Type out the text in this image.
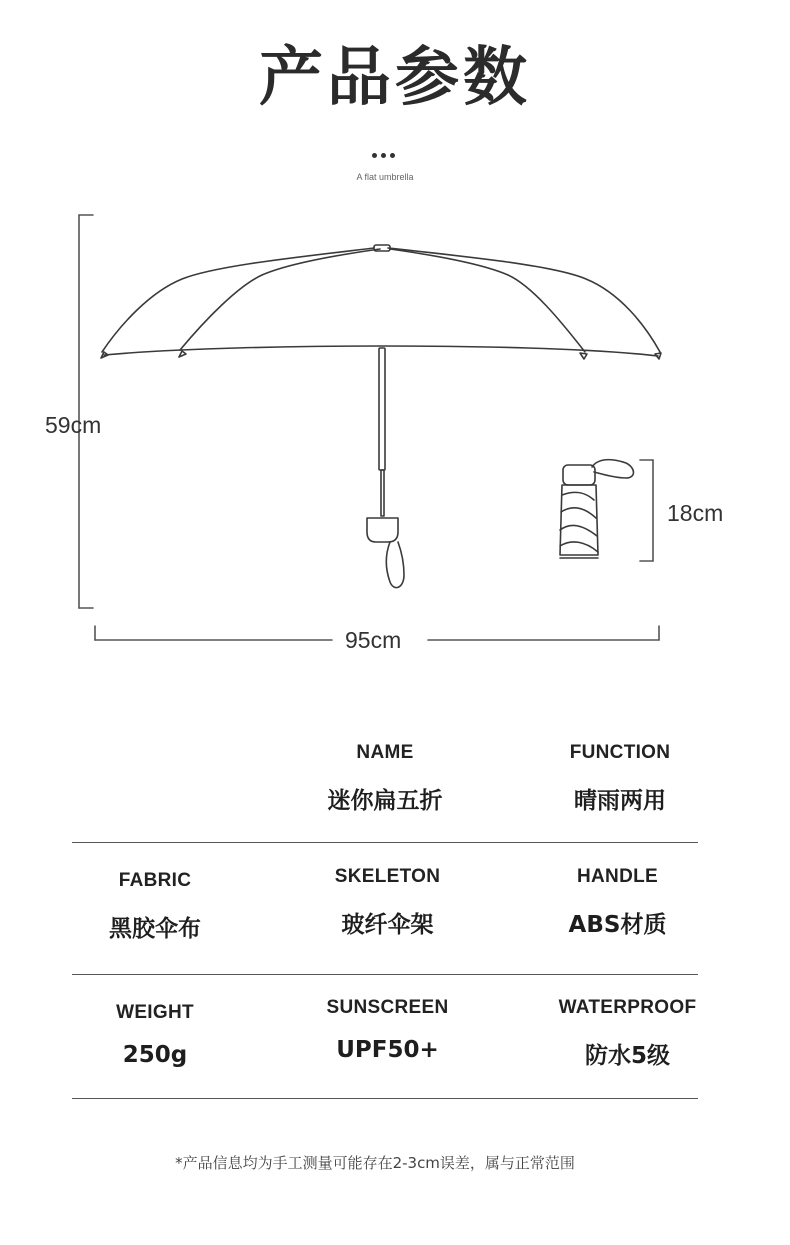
产品参数
A flat umbrella
59cm
95cm
18cm
NAME
迷你扁五折
FUNCTION
晴雨两用
FABRIC
黑胶伞布
SKELETON
玻纤伞架
HANDLE
ABS材质
WEIGHT
250g
SUNSCREEN
UPF50+
WATERPROOF
防水5级
*产品信息均为手工测量可能存在2-3cm误差，属与正常范围
